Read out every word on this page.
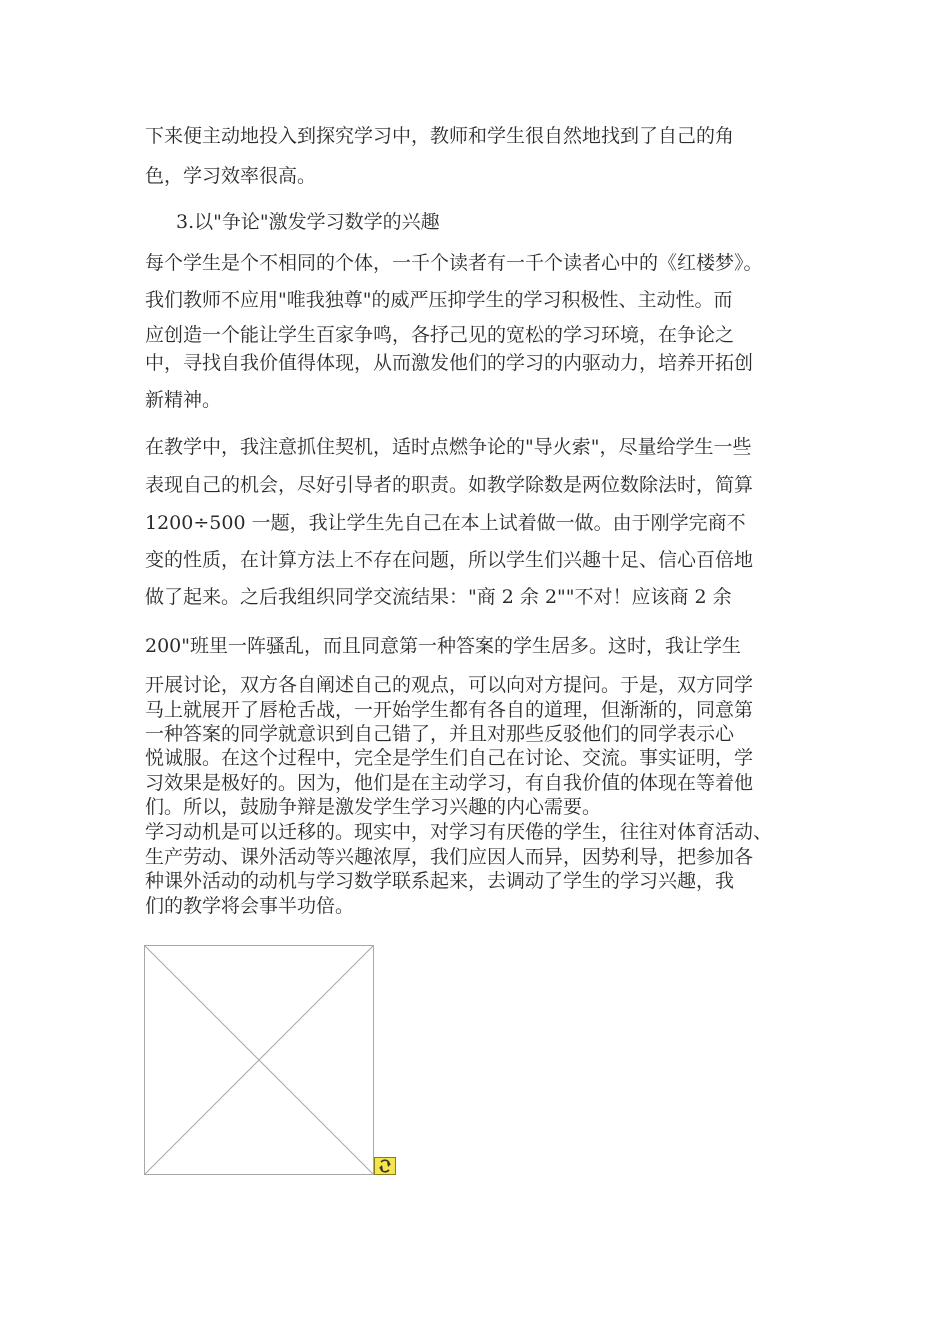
下来便主动地投入到探究学习中，教师和学生很自然地找到了自己的角

色，学习效率很高。

3.以"争论"激发学习数学的兴趣

每个学生是个不相同的个体，一千个读者有一千个读者心中的《红楼梦》。

我们教师不应用"唯我独尊"的威严压抑学生的学习积极性、主动性。而

应创造一个能让学生百家争鸣，各抒己见的宽松的学习环境，在争论之

中，寻找自我价值得体现，从而激发他们的学习的内驱动力，培养开拓创

新精神。

在教学中，我注意抓住契机，适时点燃争论的"导火索"，尽量给学生一些

表现自己的机会，尽好引导者的职责。如教学除数是两位数除法时，简算

1200÷500 一题，我让学生先自己在本上试着做一做。由于刚学完商不

变的性质，在计算方法上不存在问题，所以学生们兴趣十足、信心百倍地

做了起来。之后我组织同学交流结果："商 2 余 2""不对！应该商 2 余

200"班里一阵骚乱，而且同意第一种答案的学生居多。这时，我让学生

开展讨论，双方各自阐述自己的观点，可以向对方提问。于是，双方同学

马上就展开了唇枪舌战，一开始学生都有各自的道理，但渐渐的，同意第

一种答案的同学就意识到自己错了，并且对那些反驳他们的同学表示心

悦诚服。在这个过程中，完全是学生们自己在讨论、交流。事实证明，学

习效果是极好的。因为，他们是在主动学习，有自我价值的体现在等着他

们。所以，鼓励争辩是激发学生学习兴趣的内心需要。

学习动机是可以迁移的。现实中，对学习有厌倦的学生，往往对体育活动、

生产劳动、课外活动等兴趣浓厚，我们应因人而异，因势利导，把参加各

种课外活动的动机与学习数学联系起来，去调动了学生的学习兴趣，我

们的教学将会事半功倍。
